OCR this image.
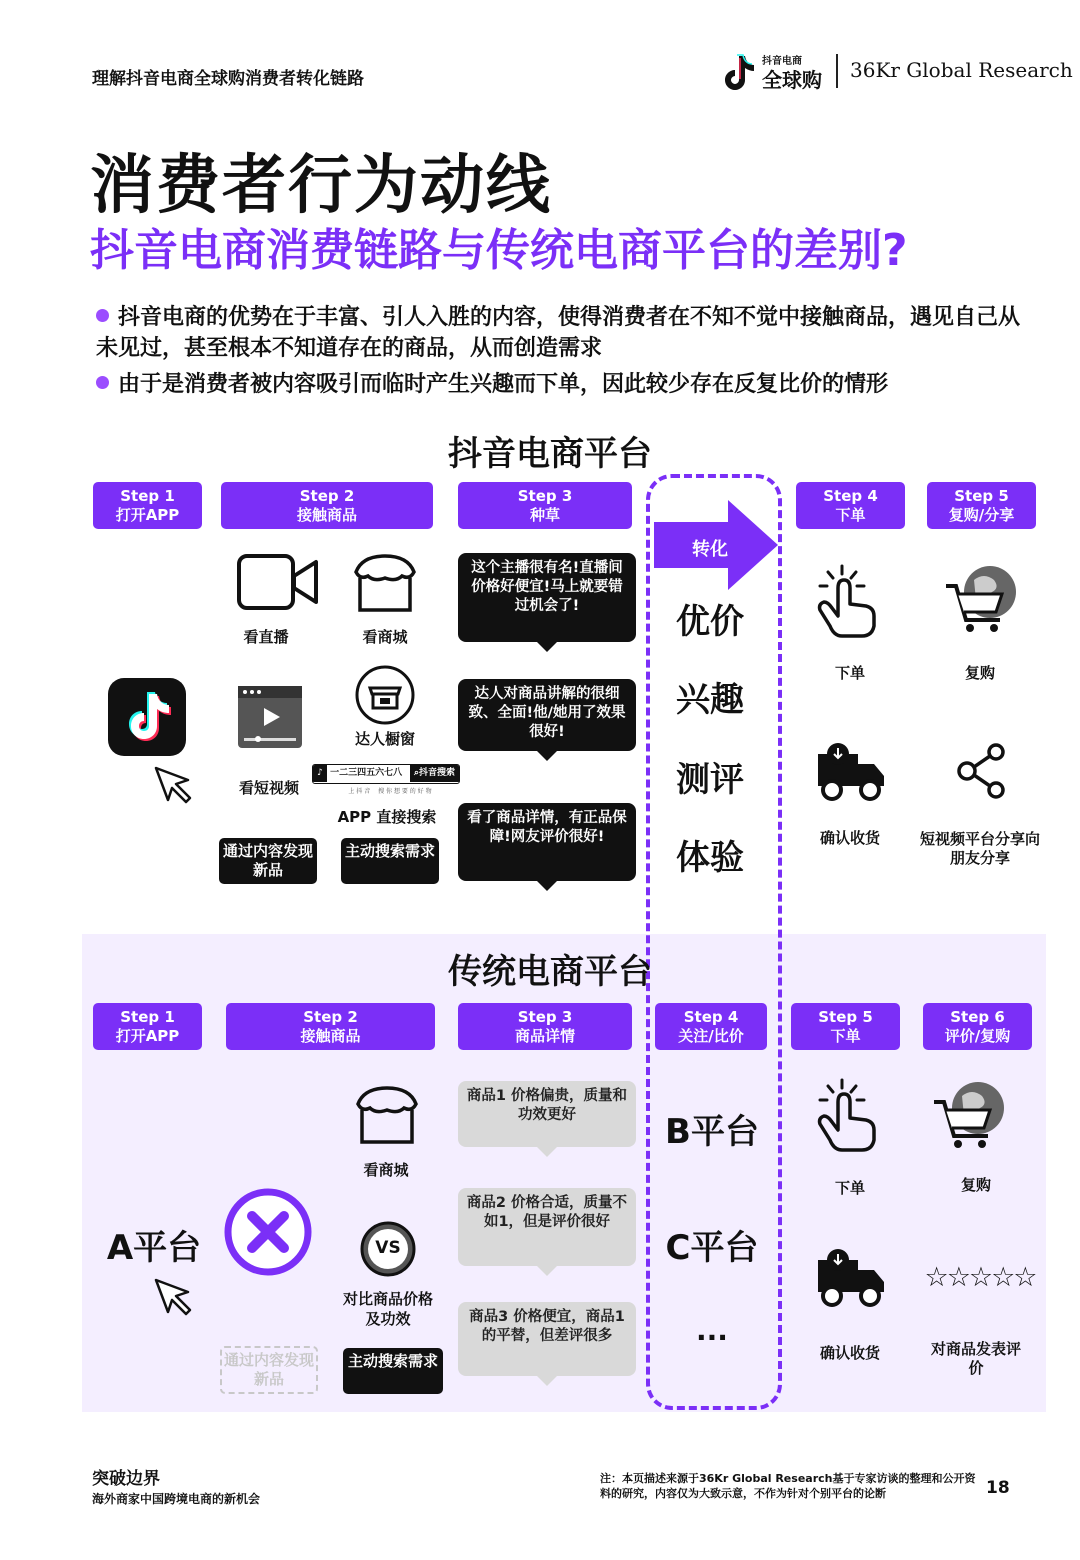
理解抖音电商全球购消费者转化链路
抖音电商
全球购 36Kr Global Research
消费者行为动线
抖音电商消费链路与传统电商平台的差别?

抖音电商的优势在于丰富、引人入胜的内容，使得消费者在不知不觉中接触商品，遇见自己从未见过，甚至根本不知道存在的商品，从而创造需求

由于是消费者被内容吸引而临时产生兴趣而下单，因此较少存在反复比价的情形

抖音电商平台
Step 1
打开APP
Step 2
接触商品
Step 3
种草
Step 4
下单
Step 5
复购/分享
看直播	看商城
看短视频
达人橱窗
♪ 一二三四五六七八	⌕抖音搜索
上 抖 音 　搜 你 想 要 的 好 物
APP 直接搜索
通过内容发现新品
主动搜索需求
这个主播很有名!直播间价格好便宜!马上就要错过机会了!
达人对商品讲解的很细致、全面!他/她用了效果很好!
看了商品详情，有正品保障!网友评价很好!
转化
优价
兴趣
测评
体验
下单
确认收货
复购
短视频平台分享向朋友分享
传统电商平台
Step 1
打开APP
Step 2
接触商品
Step 3
商品详情
Step 4
关注/比价
Step 5
下单
Step 6
评价/复购
A平台
看商城
VS
对比商品价格及功效
通过内容发现新品
主动搜索需求
商品1 价格偏贵，质量和功效更好
商品2 价格合适，质量不如1，但是评价很好
商品3 价格便宜，商品1的平替，但差评很多
B平台
C平台
...
下单
确认收货
复购
☆☆☆☆☆
对商品发表评价
突破边界
海外商家中国跨境电商的新机会
注：本页描述来源于36Kr Global Research基于专家访谈的整理和公开资料的研究，内容仅为大致示意，不作为针对个别平台的论断	18
